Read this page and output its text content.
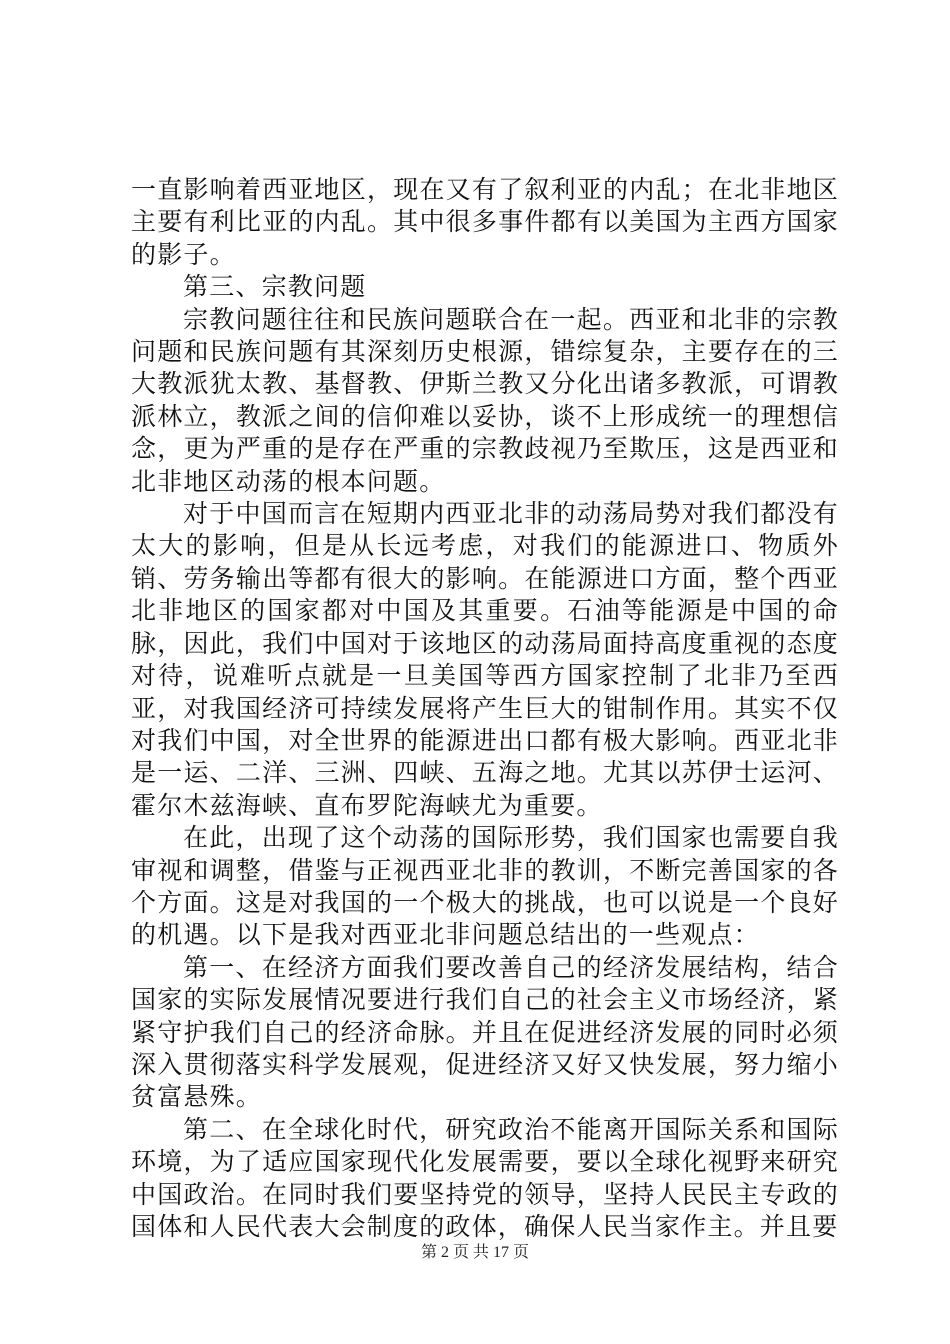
一直影响着西亚地区，现在又有了叙利亚的内乱；在北非地区主要有利比亚的内乱。其中很多事件都有以美国为主西方国家的影子。

第三、宗教问题

宗教问题往往和民族问题联合在一起。西亚和北非的宗教问题和民族问题有其深刻历史根源，错综复杂，主要存在的三大教派犹太教、基督教、伊斯兰教又分化出诸多教派，可谓教派林立，教派之间的信仰难以妥协，谈不上形成统一的理想信念，更为严重的是存在严重的宗教歧视乃至欺压，这是西亚和北非地区动荡的根本问题。

对于中国而言在短期内西亚北非的动荡局势对我们都没有太大的影响，但是从长远考虑，对我们的能源进口、物质外销、劳务输出等都有很大的影响。在能源进口方面，整个西亚北非地区的国家都对中国及其重要。石油等能源是中国的命脉，因此，我们中国对于该地区的动荡局面持高度重视的态度对待，说难听点就是一旦美国等西方国家控制了北非乃至西亚，对我国经济可持续发展将产生巨大的钳制作用。其实不仅对我们中国，对全世界的能源进出口都有极大影响。西亚北非是一运、二洋、三洲、四峡、五海之地。尤其以苏伊士运河、霍尔木兹海峡、直布罗陀海峡尤为重要。

在此，出现了这个动荡的国际形势，我们国家也需要自我审视和调整，借鉴与正视西亚北非的教训，不断完善国家的各个方面。这是对我国的一个极大的挑战，也可以说是一个良好的机遇。以下是我对西亚北非问题总结出的一些观点：

第一、在经济方面我们要改善自己的经济发展结构，结合国家的实际发展情况要进行我们自己的社会主义市场经济，紧紧守护我们自己的经济命脉。并且在促进经济发展的同时必须深入贯彻落实科学发展观，促进经济又好又快发展，努力缩小贫富悬殊。

第二、在全球化时代，研究政治不能离开国际关系和国际环境，为了适应国家现代化发展需要，要以全球化视野来研究中国政治。在同时我们要坚持党的领导，坚持人民民主专政的国体和人民代表大会制度的政体，确保人民当家作主。并且要

第 2 页 共 17 页
